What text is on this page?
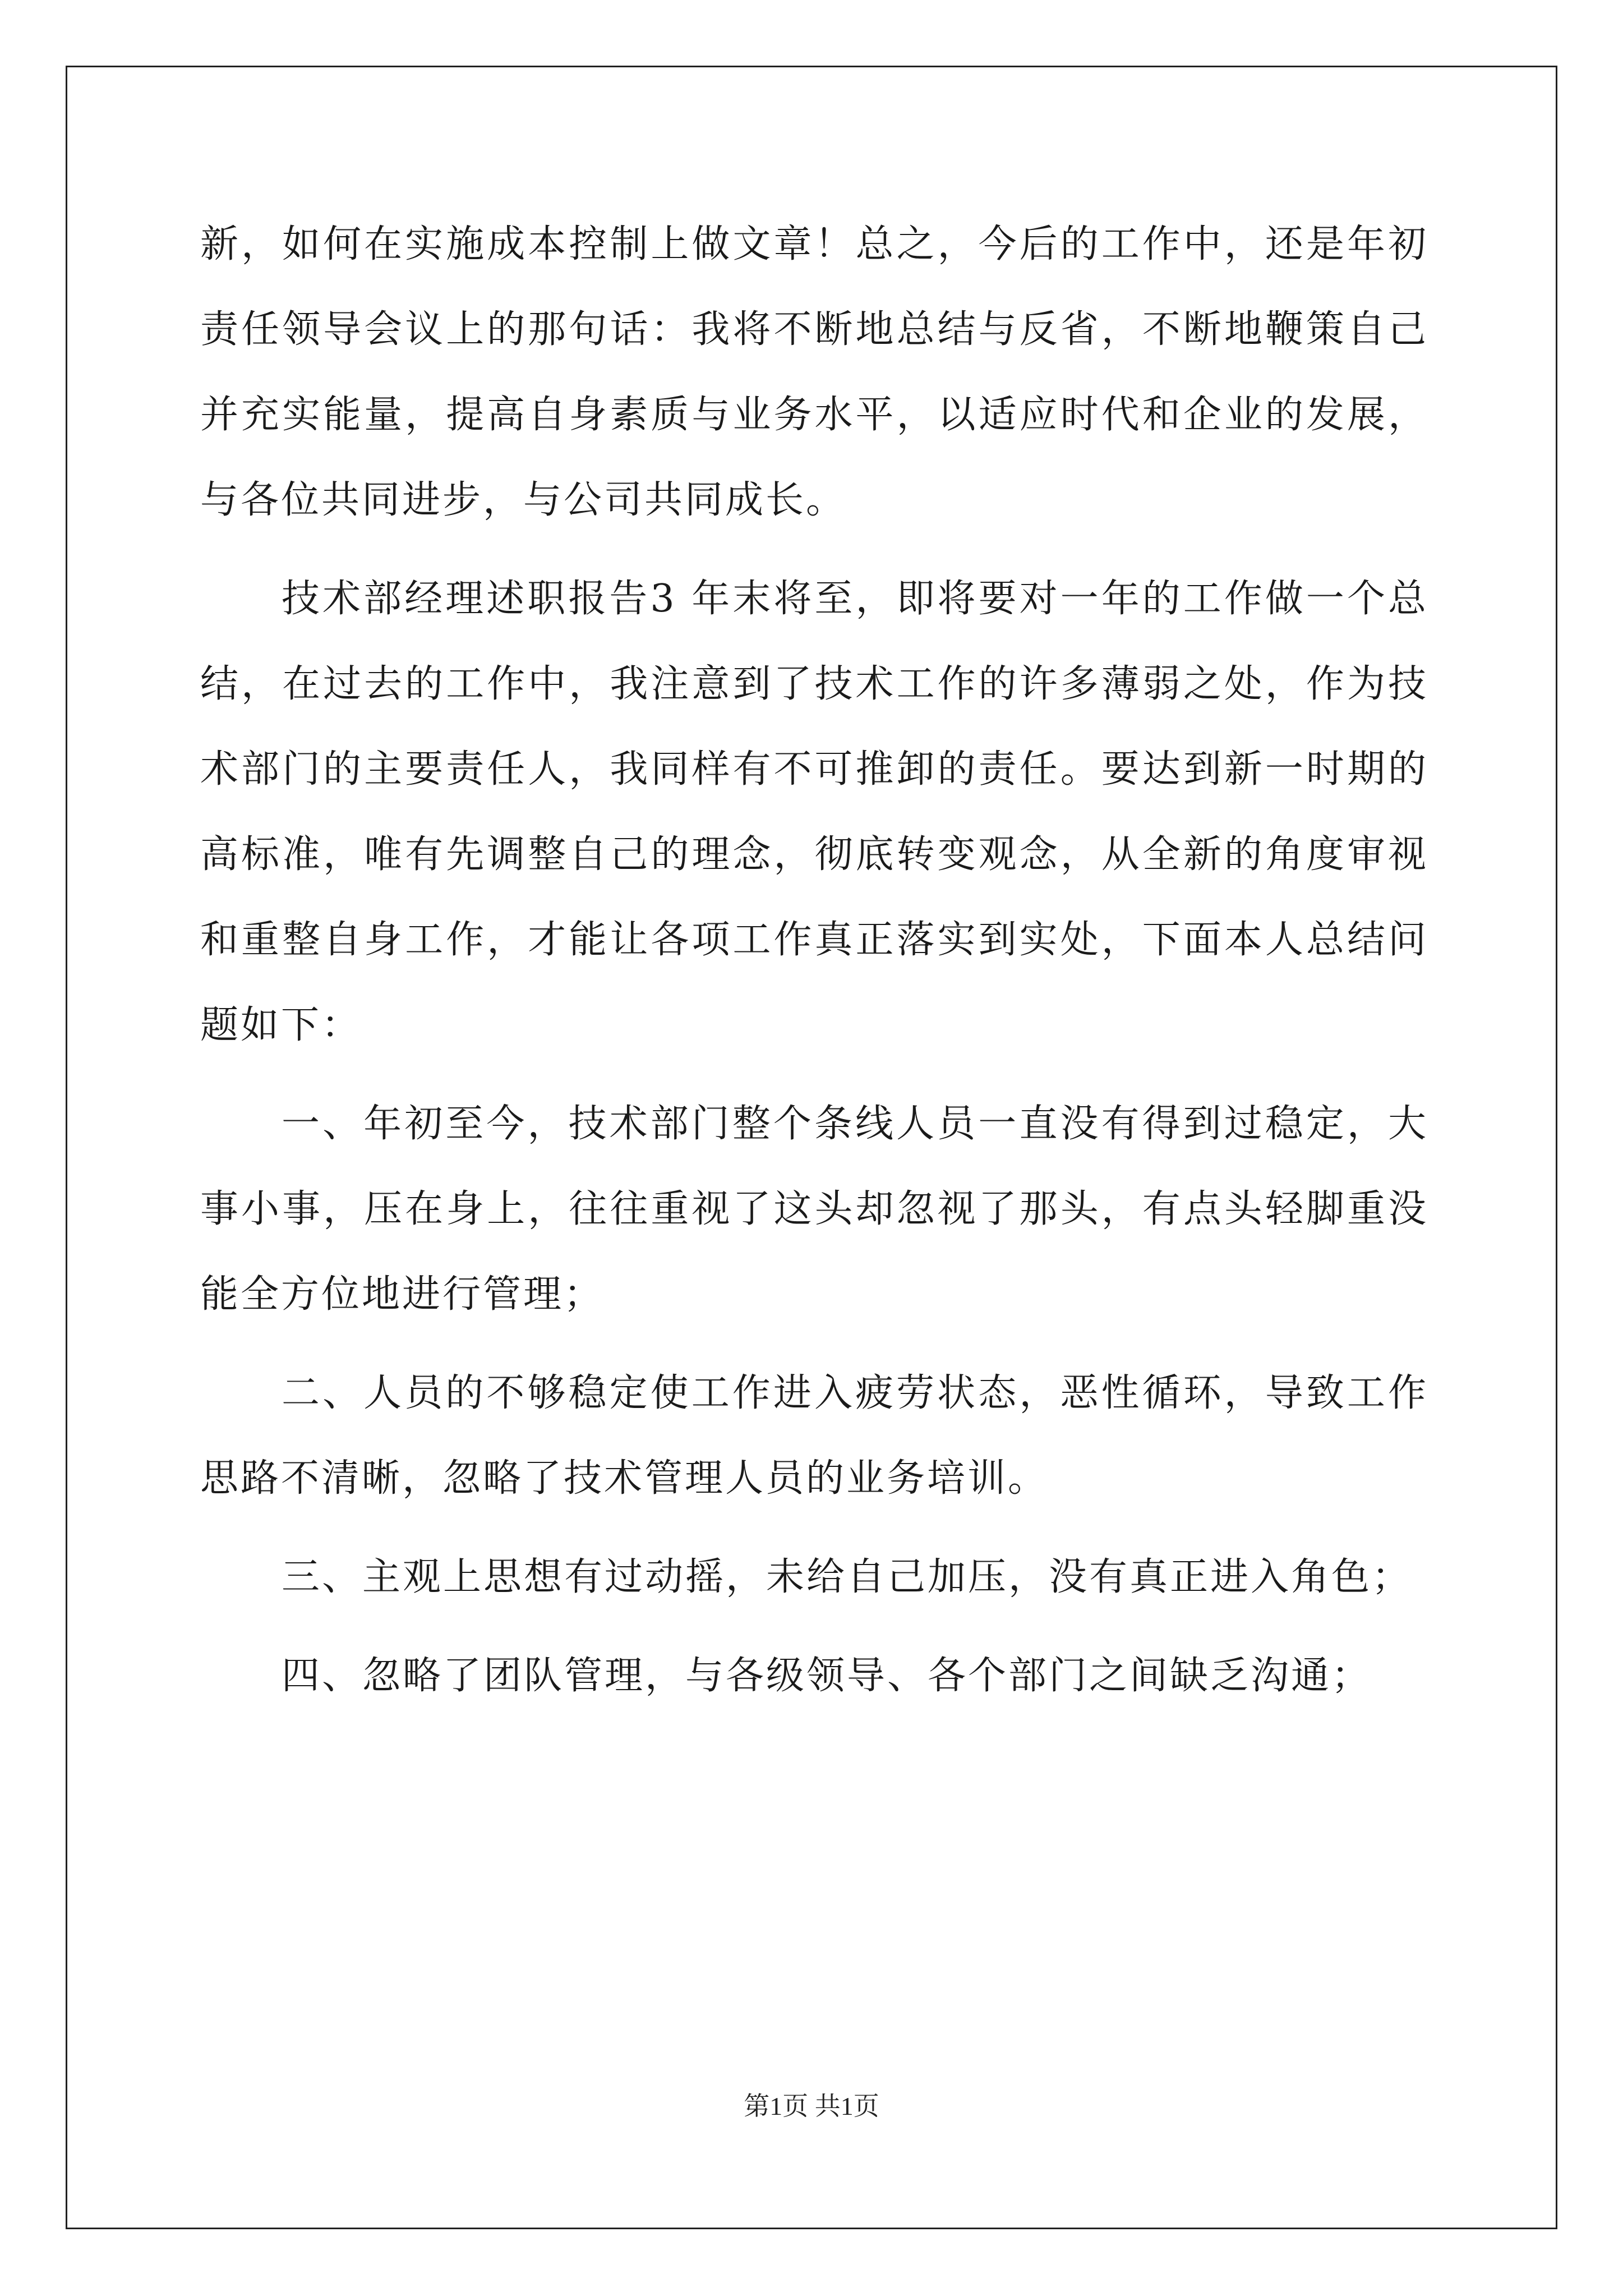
新，如何在实施成本控制上做文章！总之，今后的工作中，还是年初责任领导会议上的那句话：我将不断地总结与反省，不断地鞭策自己并充实能量，提高自身素质与业务水平，以适应时代和企业的发展，与各位共同进步，与公司共同成长。

技术部经理述职报告3 年末将至，即将要对一年的工作做一个总结，在过去的工作中，我注意到了技术工作的许多薄弱之处，作为技术部门的主要责任人，我同样有不可推卸的责任。要达到新一时期的高标准，唯有先调整自己的理念，彻底转变观念，从全新的角度审视和重整自身工作，才能让各项工作真正落实到实处，下面本人总结问题如下：

一、年初至今，技术部门整个条线人员一直没有得到过稳定，大事小事，压在身上，往往重视了这头却忽视了那头，有点头轻脚重没能全方位地进行管理；

二、人员的不够稳定使工作进入疲劳状态，恶性循环，导致工作思路不清晰，忽略了技术管理人员的业务培训。

三、主观上思想有过动摇，未给自己加压，没有真正进入角色；

四、忽略了团队管理，与各级领导、各个部门之间缺乏沟通；

第1页 共1页
